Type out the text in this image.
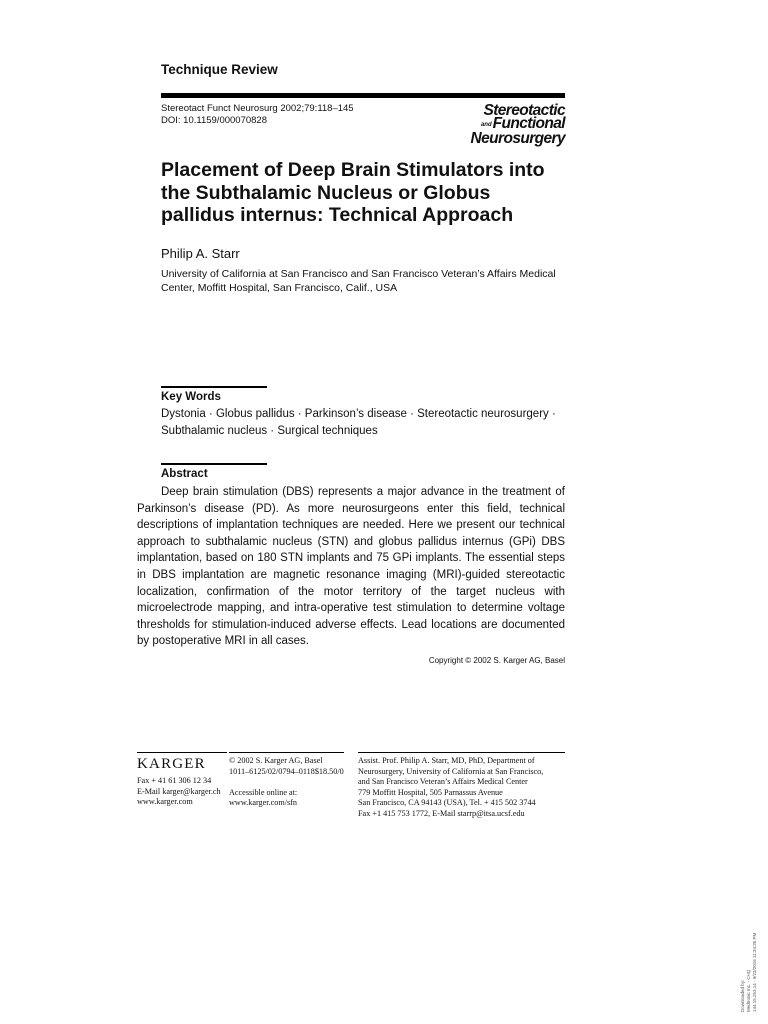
Technique Review
Stereotact Funct Neurosurg 2002;79:118–145
DOI: 10.1159/000070828
Stereotactic
andFunctional
Neurosurgery
Placement of Deep Brain Stimulators into the Subthalamic Nucleus or Globus pallidus internus: Technical Approach
Philip A. Starr
University of California at San Francisco and San Francisco Veteran’s Affairs Medical Center, Moffitt Hospital, San Francisco, Calif., USA
Key Words
Dystonia · Globus pallidus · Parkinson’s disease · Stereotactic neurosurgery · Subthalamic nucleus · Surgical techniques
Abstract

Deep brain stimulation (DBS) represents a major advance in the treatment of Parkinson’s disease (PD). As more neurosurgeons enter this field, technical descriptions of implantation techniques are needed. Here we present our technical approach to subthalamic nucleus (STN) and globus pallidus internus (GPi) DBS implantation, based on 180 STN implants and 75 GPi implants. The essential steps in DBS implantation are magnetic resonance imaging (MRI)-guided stereotactic localization, confirmation of the motor territory of the target nucleus with microelectrode mapping, and intra-operative test stimulation to determine voltage thresholds for stimulation-induced adverse effects. Lead locations are documented by postoperative MRI in all cases.

Copyright © 2002 S. Karger AG, Basel
KARGER
Fax + 41 61 306 12 34
E-Mail karger@karger.ch
www.karger.com
© 2002 S. Karger AG, Basel
1011–6125/02/0794–0118$18.50/0
Accessible online at:
www.karger.com/sfn
Assist. Prof. Philip A. Starr, MD, PhD, Department of
Neurosurgery, University of California at San Francisco,
and San Francisco Veteran’s Affairs Medical Center
779 Moffitt Hospital, 505 Parnassus Avenue
San Francisco, CA 94143 (USA), Tel. + 415 502 3744
Fax +1 415 753 1772, E-Mail starrp@itsa.ucsf.edu
Downloaded by: Medtronic Inc. - CHQ 144.15.253.14 - 9/23/2016 11:34:35 PM
